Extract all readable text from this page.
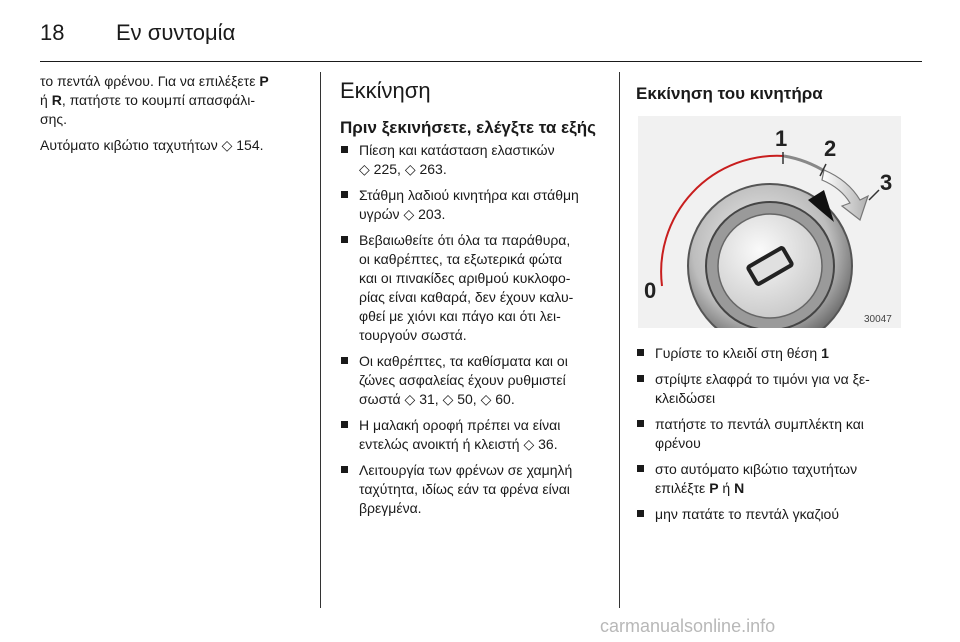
18 Εν συντομία

το πεντάλ φρένου. Για να επιλέξετε P
ή R, πατήστε το κουμπί απασφάλι-
σης.

Αυτόματο κιβώτιο ταχυτήτων ◇ 154.

Εκκίνηση
Πριν ξεκινήσετε, ελέγξτε τα εξής
Πίεση και κατάσταση ελαστικών
◇ 225, ◇ 263.
Στάθμη λαδιού κινητήρα και στάθμη
υγρών ◇ 203.
Βεβαιωθείτε ότι όλα τα παράθυρα,
οι καθρέπτες, τα εξωτερικά φώτα
και οι πινακίδες αριθμού κυκλοφο-
ρίας είναι καθαρά, δεν έχουν καλυ-
φθεί με χιόνι και πάγο και ότι λει-
τουργούν σωστά.
Οι καθρέπτες, τα καθίσματα και οι
ζώνες ασφαλείας έχουν ρυθμιστεί
σωστά ◇ 31, ◇ 50, ◇ 60.
Η μαλακή οροφή πρέπει να είναι
εντελώς ανοικτή ή κλειστή ◇ 36.
Λειτουργία των φρένων σε χαμηλή
ταχύτητα, ιδίως εάν τα φρένα είναι
βρεγμένα.
Εκκίνηση του κινητήρα
0
1 2
3
30047
Γυρίστε το κλειδί στη θέση 1
στρίψτε ελαφρά το τιμόνι για να ξε-
κλειδώσει
πατήστε το πεντάλ συμπλέκτη και
φρένου
στο αυτόματο κιβώτιο ταχυτήτων
επιλέξτε P ή N
μην πατάτε το πεντάλ γκαζιού
carmanualsonline.info
